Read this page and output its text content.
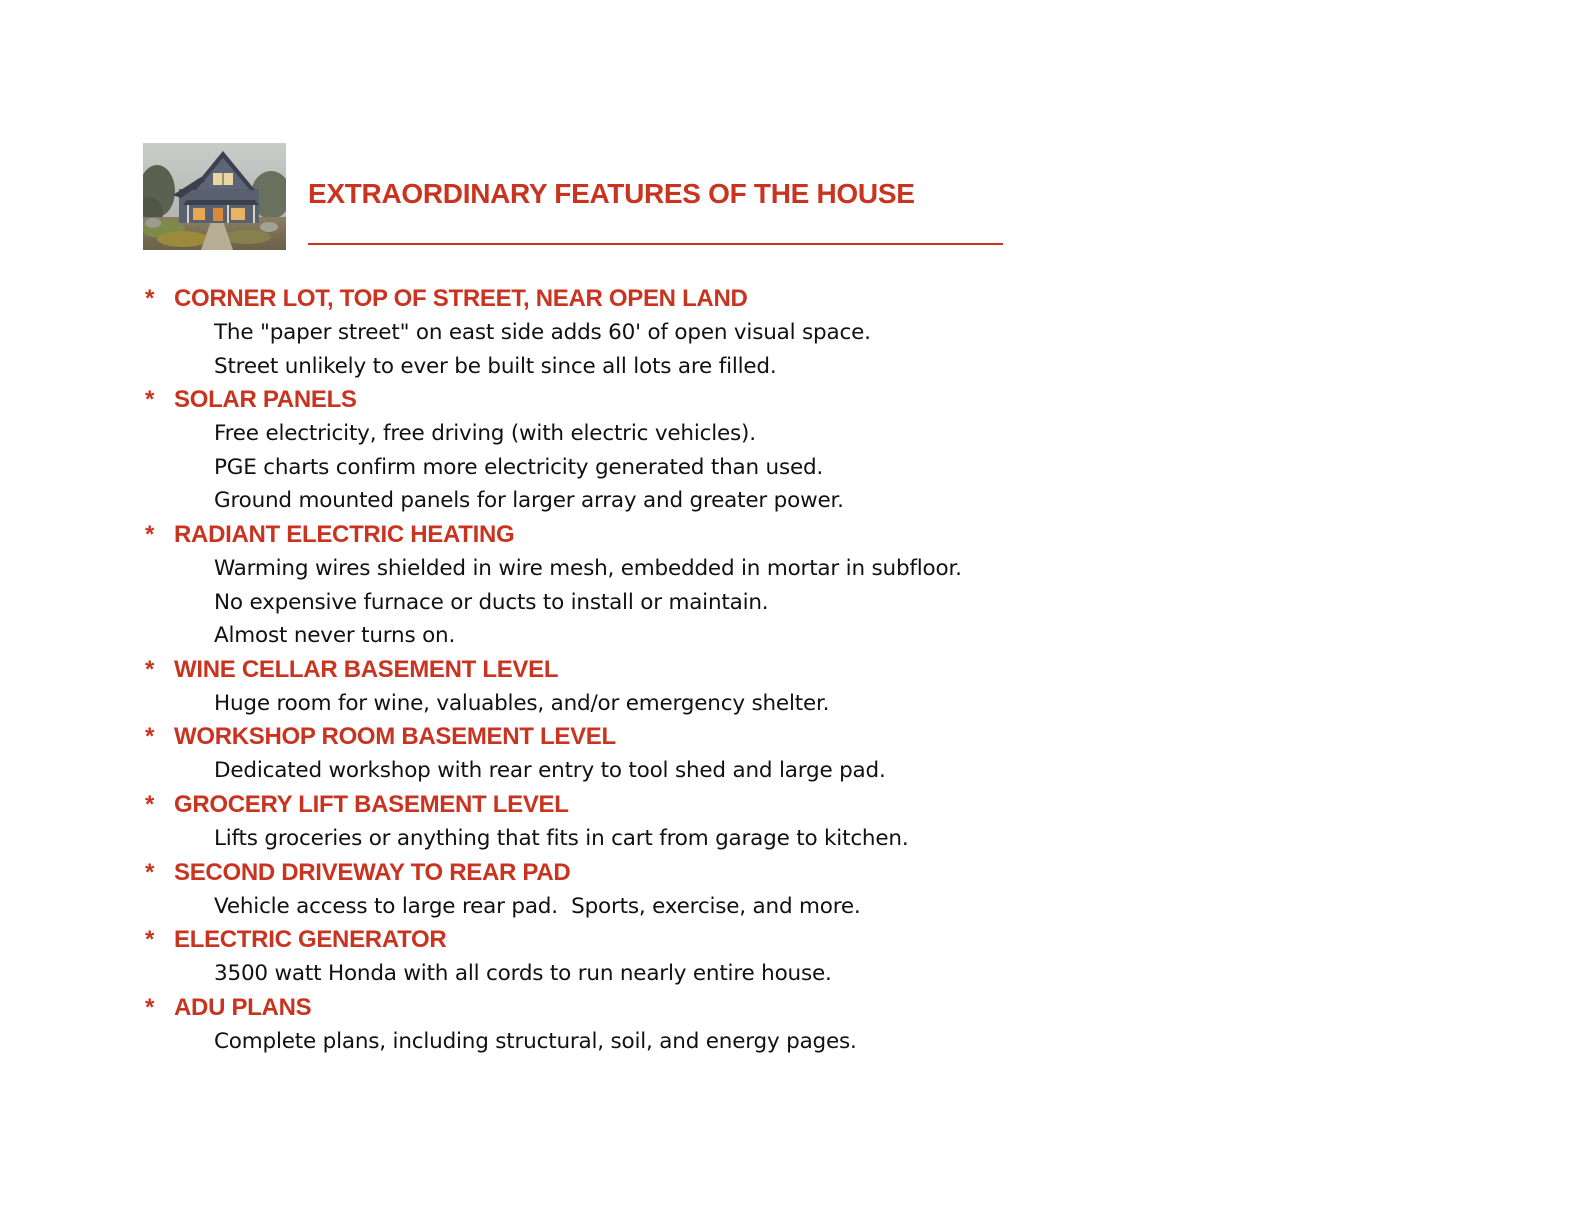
EXTRAORDINARY FEATURES OF THE HOUSE
* CORNER LOT, TOP OF STREET, NEAR OPEN LAND
The "paper street" on east side adds 60' of open visual space.
Street unlikely to ever be built since all lots are filled.
* SOLAR PANELS
Free electricity, free driving (with electric vehicles).
PGE charts confirm more electricity generated than used.
Ground mounted panels for larger array and greater power.
* RADIANT ELECTRIC HEATING
Warming wires shielded in wire mesh, embedded in mortar in subfloor.
No expensive furnace or ducts to install or maintain.
Almost never turns on.
* WINE CELLAR BASEMENT LEVEL
Huge room for wine, valuables, and/or emergency shelter.
* WORKSHOP ROOM BASEMENT LEVEL
Dedicated workshop with rear entry to tool shed and large pad.
* GROCERY LIFT BASEMENT LEVEL
Lifts groceries or anything that fits in cart from garage to kitchen.
* SECOND DRIVEWAY TO REAR PAD
Vehicle access to large rear pad.  Sports, exercise, and more.
* ELECTRIC GENERATOR
3500 watt Honda with all cords to run nearly entire house.
* ADU PLANS
Complete plans, including structural, soil, and energy pages.
